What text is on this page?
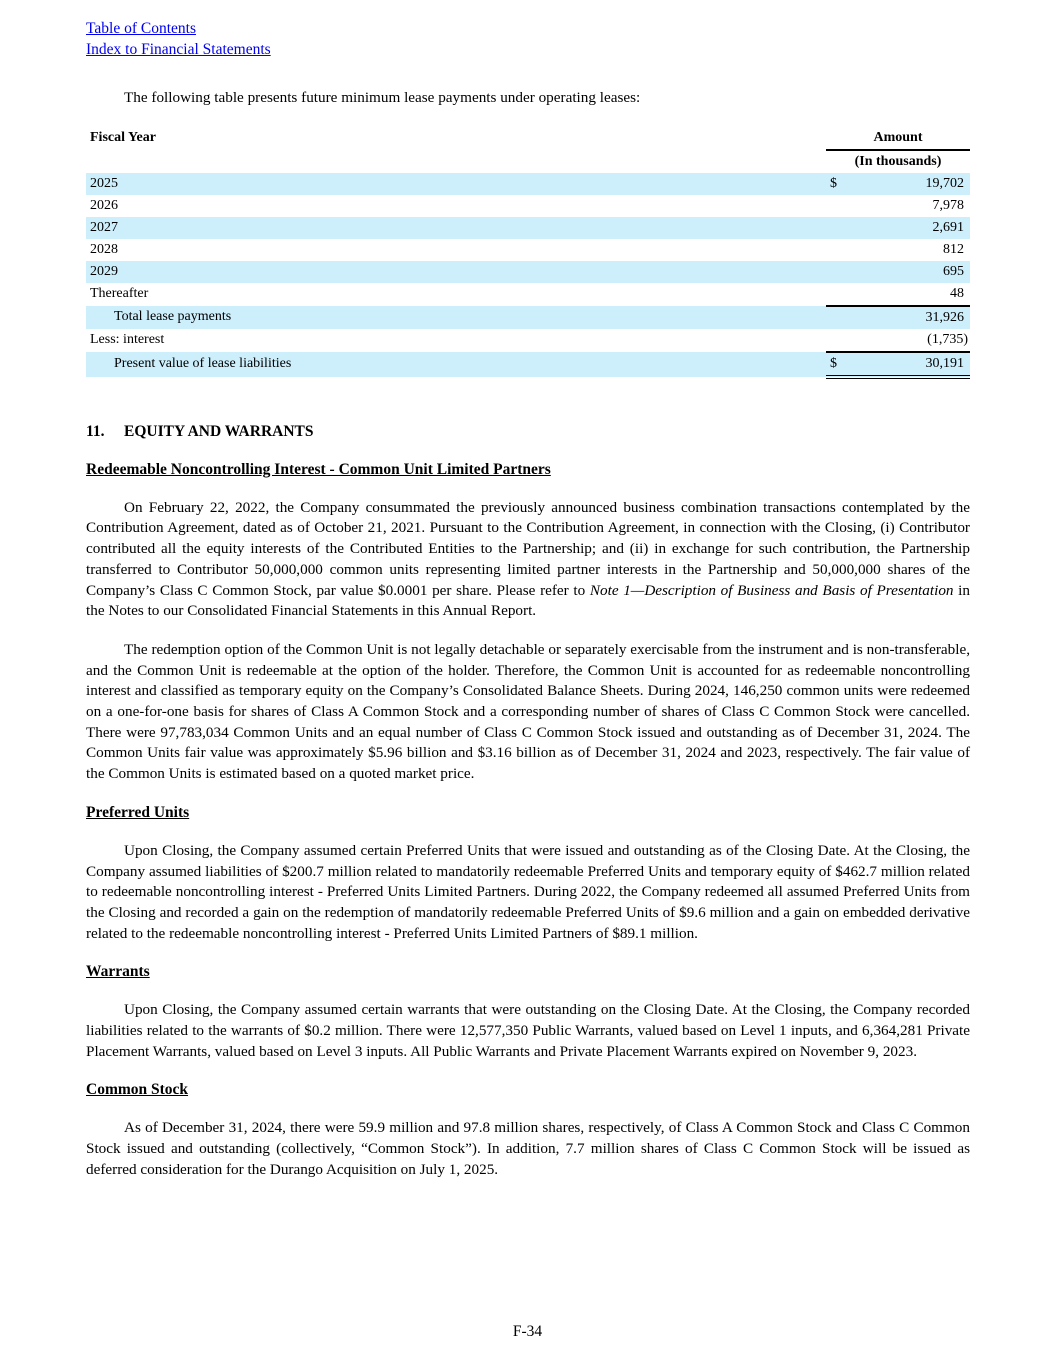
Table of Contents
Index to Financial Statements

The following table presents future minimum lease payments under operating leases:

Fiscal Year	Amount	
	(In thousands)	
2025	$	19,702
2026		7,978
2027		2,691
2028		812
2029		695
Thereafter		48
Total lease payments		31,926
Less: interest		(1,735)
Present value of lease liabilities	$	30,191
11. EQUITY AND WARRANTS
Redeemable Noncontrolling Interest - Common Unit Limited Partners

On February 22, 2022, the Company consummated the previously announced business combination transactions contemplated by the Contribution Agreement, dated as of October 21, 2021. Pursuant to the Contribution Agreement, in connection with the Closing, (i) Contributor contributed all the equity interests of the Contributed Entities to the Partnership; and (ii) in exchange for such contribution, the Partnership transferred to Contributor 50,000,000 common units representing limited partner interests in the Partnership and 50,000,000 shares of the Company’s Class C Common Stock, par value $0.0001 per share. Please refer to Note 1—Description of Business and Basis of Presentation in the Notes to our Consolidated Financial Statements in this Annual Report.

The redemption option of the Common Unit is not legally detachable or separately exercisable from the instrument and is non-transferable, and the Common Unit is redeemable at the option of the holder. Therefore, the Common Unit is accounted for as redeemable noncontrolling interest and classified as temporary equity on the Company’s Consolidated Balance Sheets. During 2024, 146,250 common units were redeemed on a one-for-one basis for shares of Class A Common Stock and a corresponding number of shares of Class C Common Stock were cancelled. There were 97,783,034 Common Units and an equal number of Class C Common Stock issued and outstanding as of December 31, 2024. The Common Units fair value was approximately $5.96 billion and $3.16 billion as of December 31, 2024 and 2023, respectively. The fair value of the Common Units is estimated based on a quoted market price.

Preferred Units

Upon Closing, the Company assumed certain Preferred Units that were issued and outstanding as of the Closing Date. At the Closing, the Company assumed liabilities of $200.7 million related to mandatorily redeemable Preferred Units and temporary equity of $462.7 million related to redeemable noncontrolling interest - Preferred Units Limited Partners. During 2022, the Company redeemed all assumed Preferred Units from the Closing and recorded a gain on the redemption of mandatorily redeemable Preferred Units of $9.6 million and a gain on embedded derivative related to the redeemable noncontrolling interest - Preferred Units Limited Partners of $89.1 million.

Warrants

Upon Closing, the Company assumed certain warrants that were outstanding on the Closing Date. At the Closing, the Company recorded liabilities related to the warrants of $0.2 million. There were 12,577,350 Public Warrants, valued based on Level 1 inputs, and 6,364,281 Private Placement Warrants, valued based on Level 3 inputs. All Public Warrants and Private Placement Warrants expired on November 9, 2023.

Common Stock

As of December 31, 2024, there were 59.9 million and 97.8 million shares, respectively, of Class A Common Stock and Class C Common Stock issued and outstanding (collectively, “Common Stock”). In addition, 7.7 million shares of Class C Common Stock will be issued as deferred consideration for the Durango Acquisition on July 1, 2025.

F-34
